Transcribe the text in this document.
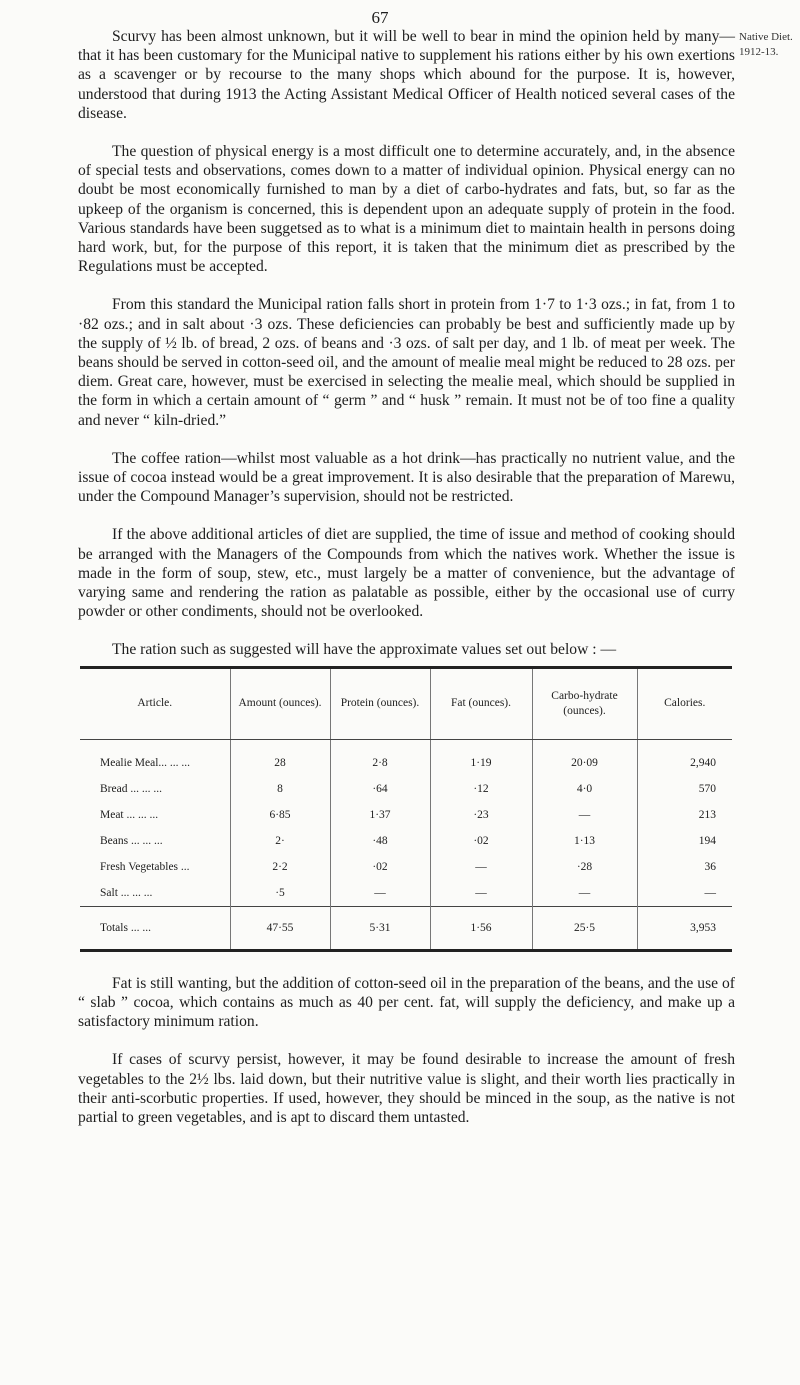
67
Native Diet.
1912-13.

Scurvy has been almost unknown, but it will be well to bear in mind the opinion held by many—that it has been customary for the Municipal native to supplement his rations either by his own exertions as a scavenger or by recourse to the many shops which abound for the purpose. It is, however, understood that during 1913 the Acting Assistant Medical Officer of Health noticed several cases of the disease.

The question of physical energy is a most difficult one to determine accurately, and, in the absence of special tests and observations, comes down to a matter of individual opinion. Physical energy can no doubt be most economically furnished to man by a diet of carbo-hydrates and fats, but, so far as the upkeep of the organism is concerned, this is dependent upon an adequate supply of protein in the food. Various standards have been suggetsed as to what is a minimum diet to maintain health in persons doing hard work, but, for the purpose of this report, it is taken that the minimum diet as prescribed by the Regulations must be accepted.

From this standard the Municipal ration falls short in protein from 1·7 to 1·3 ozs.; in fat, from 1 to ·82 ozs.; and in salt about ·3 ozs. These deficiencies can probably be best and sufficiently made up by the supply of ½ lb. of bread, 2 ozs. of beans and ·3 ozs. of salt per day, and 1 lb. of meat per week. The beans should be served in cotton-seed oil, and the amount of mealie meal might be reduced to 28 ozs. per diem. Great care, however, must be exercised in selecting the mealie meal, which should be supplied in the form in which a certain amount of “ germ ” and “ husk ” remain. It must not be of too fine a quality and never “ kiln-dried.”

The coffee ration—whilst most valuable as a hot drink—has practically no nutrient value, and the issue of cocoa instead would be a great improvement. It is also desirable that the preparation of Marewu, under the Compound Manager’s supervision, should not be restricted.

If the above additional articles of diet are supplied, the time of issue and method of cooking should be arranged with the Managers of the Compounds from which the natives work. Whether the issue is made in the form of soup, stew, etc., must largely be a matter of convenience, but the advantage of varying same and rendering the ration as palatable as possible, either by the occasional use of curry powder or other condiments, should not be overlooked.

The ration such as suggested will have the approximate values set out below : —

Article.	Amount (ounces).	Protein (ounces).	Fat (ounces).	Carbo-hydrate (ounces).	Calories.
Mealie Meal... ... ...	28	2·8	1·19	20·09	2,940
Bread ... ... ...	8	·64	·12	4·0	570
Meat ... ... ...	6·85	1·37	·23	—	213
Beans ... ... ...	2·	·48	·02	1·13	194
Fresh Vegetables ...	2·2	·02	—	·28	36
Salt ... ... ...	·5	—	—	—	—
Totals ... ...	47·55	5·31	1·56	25·5	3,953

Fat is still wanting, but the addition of cotton-seed oil in the preparation of the beans, and the use of “ slab ” cocoa, which contains as much as 40 per cent. fat, will supply the deficiency, and make up a satisfactory minimum ration.

If cases of scurvy persist, however, it may be found desirable to increase the amount of fresh vegetables to the 2½ lbs. laid down, but their nutritive value is slight, and their worth lies practically in their anti-scorbutic properties. If used, however, they should be minced in the soup, as the native is not partial to green vegetables, and is apt to discard them untasted.
